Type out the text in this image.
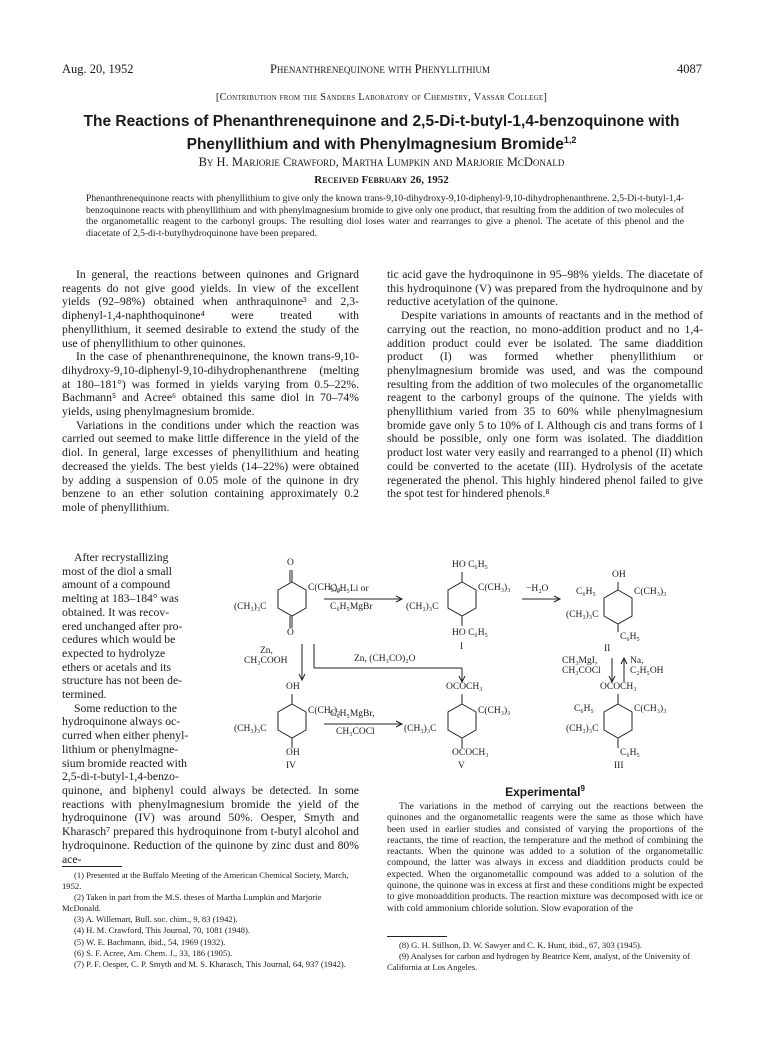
Aug. 20, 1952	Phenanthrenequinone with Phenyllithium	4087
[Contribution from the Sanders Laboratory of Chemistry, Vassar College]
The Reactions of Phenanthrenequinone and 2,5-Di-t-butyl-1,4-benzoquinone with Phenyllithium and with Phenylmagnesium Bromide$^{1,2}$
By H. Marjorie Crawford, Martha Lumpkin and Marjorie McDonald
Received February 26, 1952
Phenanthrenequinone reacts with phenyllithium to give only the known trans-9,10-dihydroxy-9,10-diphenyl-9,10-dihydrophenanthrene. 2,5-Di-t-butyl-1,4-benzoquinone reacts with phenyllithium and with phenylmagnesium bromide to give only one product, that resulting from the addition of two molecules of the organometallic reagent to the carbonyl groups. The resulting diol loses water and rearranges to give a phenol. The acetate of this phenol and the diacetate of 2,5-di-t-butylhydroquinone have been prepared.

In general, the reactions between quinones and Grignard reagents do not give good yields. In view of the excellent yields (92–98%) obtained when anthraquinone³ and 2,3-diphenyl-1,4-naphthoquinone⁴ were treated with phenyllithium, it seemed desirable to extend the study of the use of phenyllithium to other quinones.

In the case of phenanthrenequinone, the known trans-9,10-dihydroxy-9,10-diphenyl-9,10-dihydrophenanthrene (melting at 180–181°) was formed in yields varying from 0.5–22%. Bachmann⁵ and Acree⁶ obtained this same diol in 70–74% yields, using phenylmagnesium bromide.

Variations in the conditions under which the reaction was carried out seemed to make little difference in the yield of the diol. In general, large excesses of phenyllithium and heating decreased the yields. The best yields (14–22%) were obtained by adding a suspension of 0.05 mole of the quinone in dry benzene to an ether solution containing approximately 0.2 mole of phenyllithium.

After recrystallizing
most of the diol a small
amount of a compound
melting at 183–184° was
obtained. It was recov-
ered unchanged after pro-
cedures which would be
expected to hydrolyze
ethers or acetals and its
structure has not been de-
termined.
Some reduction to the
hydroquinone always oc-
curred when either phenyl-
lithium or phenylmagne-
sium bromide reacted with
2,5-di-t-butyl-1,4-benzo-

quinone, and biphenyl could always be detected. In some reactions with phenylmagnesium bromide the yield of the hydroquinone (IV) was around 50%. Oesper, Smyth and Kharasch⁷ prepared this hydroquinone from t-butyl alcohol and hydroquinone. Reduction of the quinone by zinc dust and 80% ace-

tic acid gave the hydroquinone in 95–98% yields. The diacetate of this hydroquinone (V) was prepared from the hydroquinone and by reductive acetylation of the quinone.

Despite variations in amounts of reactants and in the method of carrying out the reaction, no mono-addition product and no 1,4-addition product could ever be isolated. The same diaddition product (I) was formed whether phenyllithium or phenylmagnesium bromide was used, and was the compound resulting from the addition of two molecules of the organometallic reagent to the carbonyl groups of the quinone. The yields with phenyllithium varied from 35 to 60% while phenylmagnesium bromide gave only 5 to 10% of I. Although cis and trans forms of I should be possible, only one form was isolated. The diaddition product lost water very easily and rearranged to a phenol (II) which could be converted to the acetate (III). Hydrolysis of the acetate regenerated the phenol. This highly hindered phenol failed to give the spot test for hindered phenols.⁸

O
O
C(CH₃)₃
(CH₃)₃C
C₆H₅Li or
C₆H₅MgBr
HO C₆H₅
HO C₆H₅
C(CH₃)₃
(CH₃)₃C
I
−H₂O
OH
C₆H₅	C(CH₃)₃
(CH₃)₃C
C₆H₅
II
CH₃MgI,
CH₃COCl
Na,
C₂H₅OH
Zn,
CH₃COOH	Zn, (CH₃CO)₂O
OH
OH
C(CH₃)₃
(CH₃)₃C
IV
C₆H₅MgBr,
CH₃COCl
OCOCH₃
OCOCH₃
C(CH₃)₃
(CH₃)₃C
V
OCOCH₃
C₆H₅	C(CH₃)₃
(CH₃)₃C
C₆H₅
III
Experimental$^9$
The variations in the method of carrying out the reactions between the quinones and the organometallic reagents were the same as those which have been used in earlier studies and consisted of varying the proportions of the reactants, the time of reaction, the temperature and the method of combining the reactants. When the quinone was added to a solution of the organometallic compound, the latter was always in excess and diaddition products could be expected. When the organometallic compound was added to a solution of the quinone, the quinone was in excess at first and these conditions might be expected to give monoaddition products. The reaction mixture was decomposed with ice or with cold ammonium chloride solution. Slow evaporation of the
(1) Presented at the Buffalo Meeting of the American Chemical Society, March, 1952.
(2) Taken in part from the M.S. theses of Martha Lumpkin and Marjorie McDonald.
(3) A. Willemart, Bull. soc. chim., 9, 83 (1942).
(4) H. M. Crawford, This Journal, 70, 1081 (1948).
(5) W. E. Bachmann, ibid., 54, 1969 (1932).
(6) S. F. Acree, Am. Chem. J., 33, 186 (1905).
(7) P. F. Oesper, C. P. Smyth and M. S. Kharasch, This Journal, 64, 937 (1942).
(8) G. H. Stillson, D. W. Sawyer and C. K. Hunt, ibid., 67, 303 (1945).
(9) Analyses for carbon and hydrogen by Beatrice Kent, analyst, of the University of California at Los Angeles.
